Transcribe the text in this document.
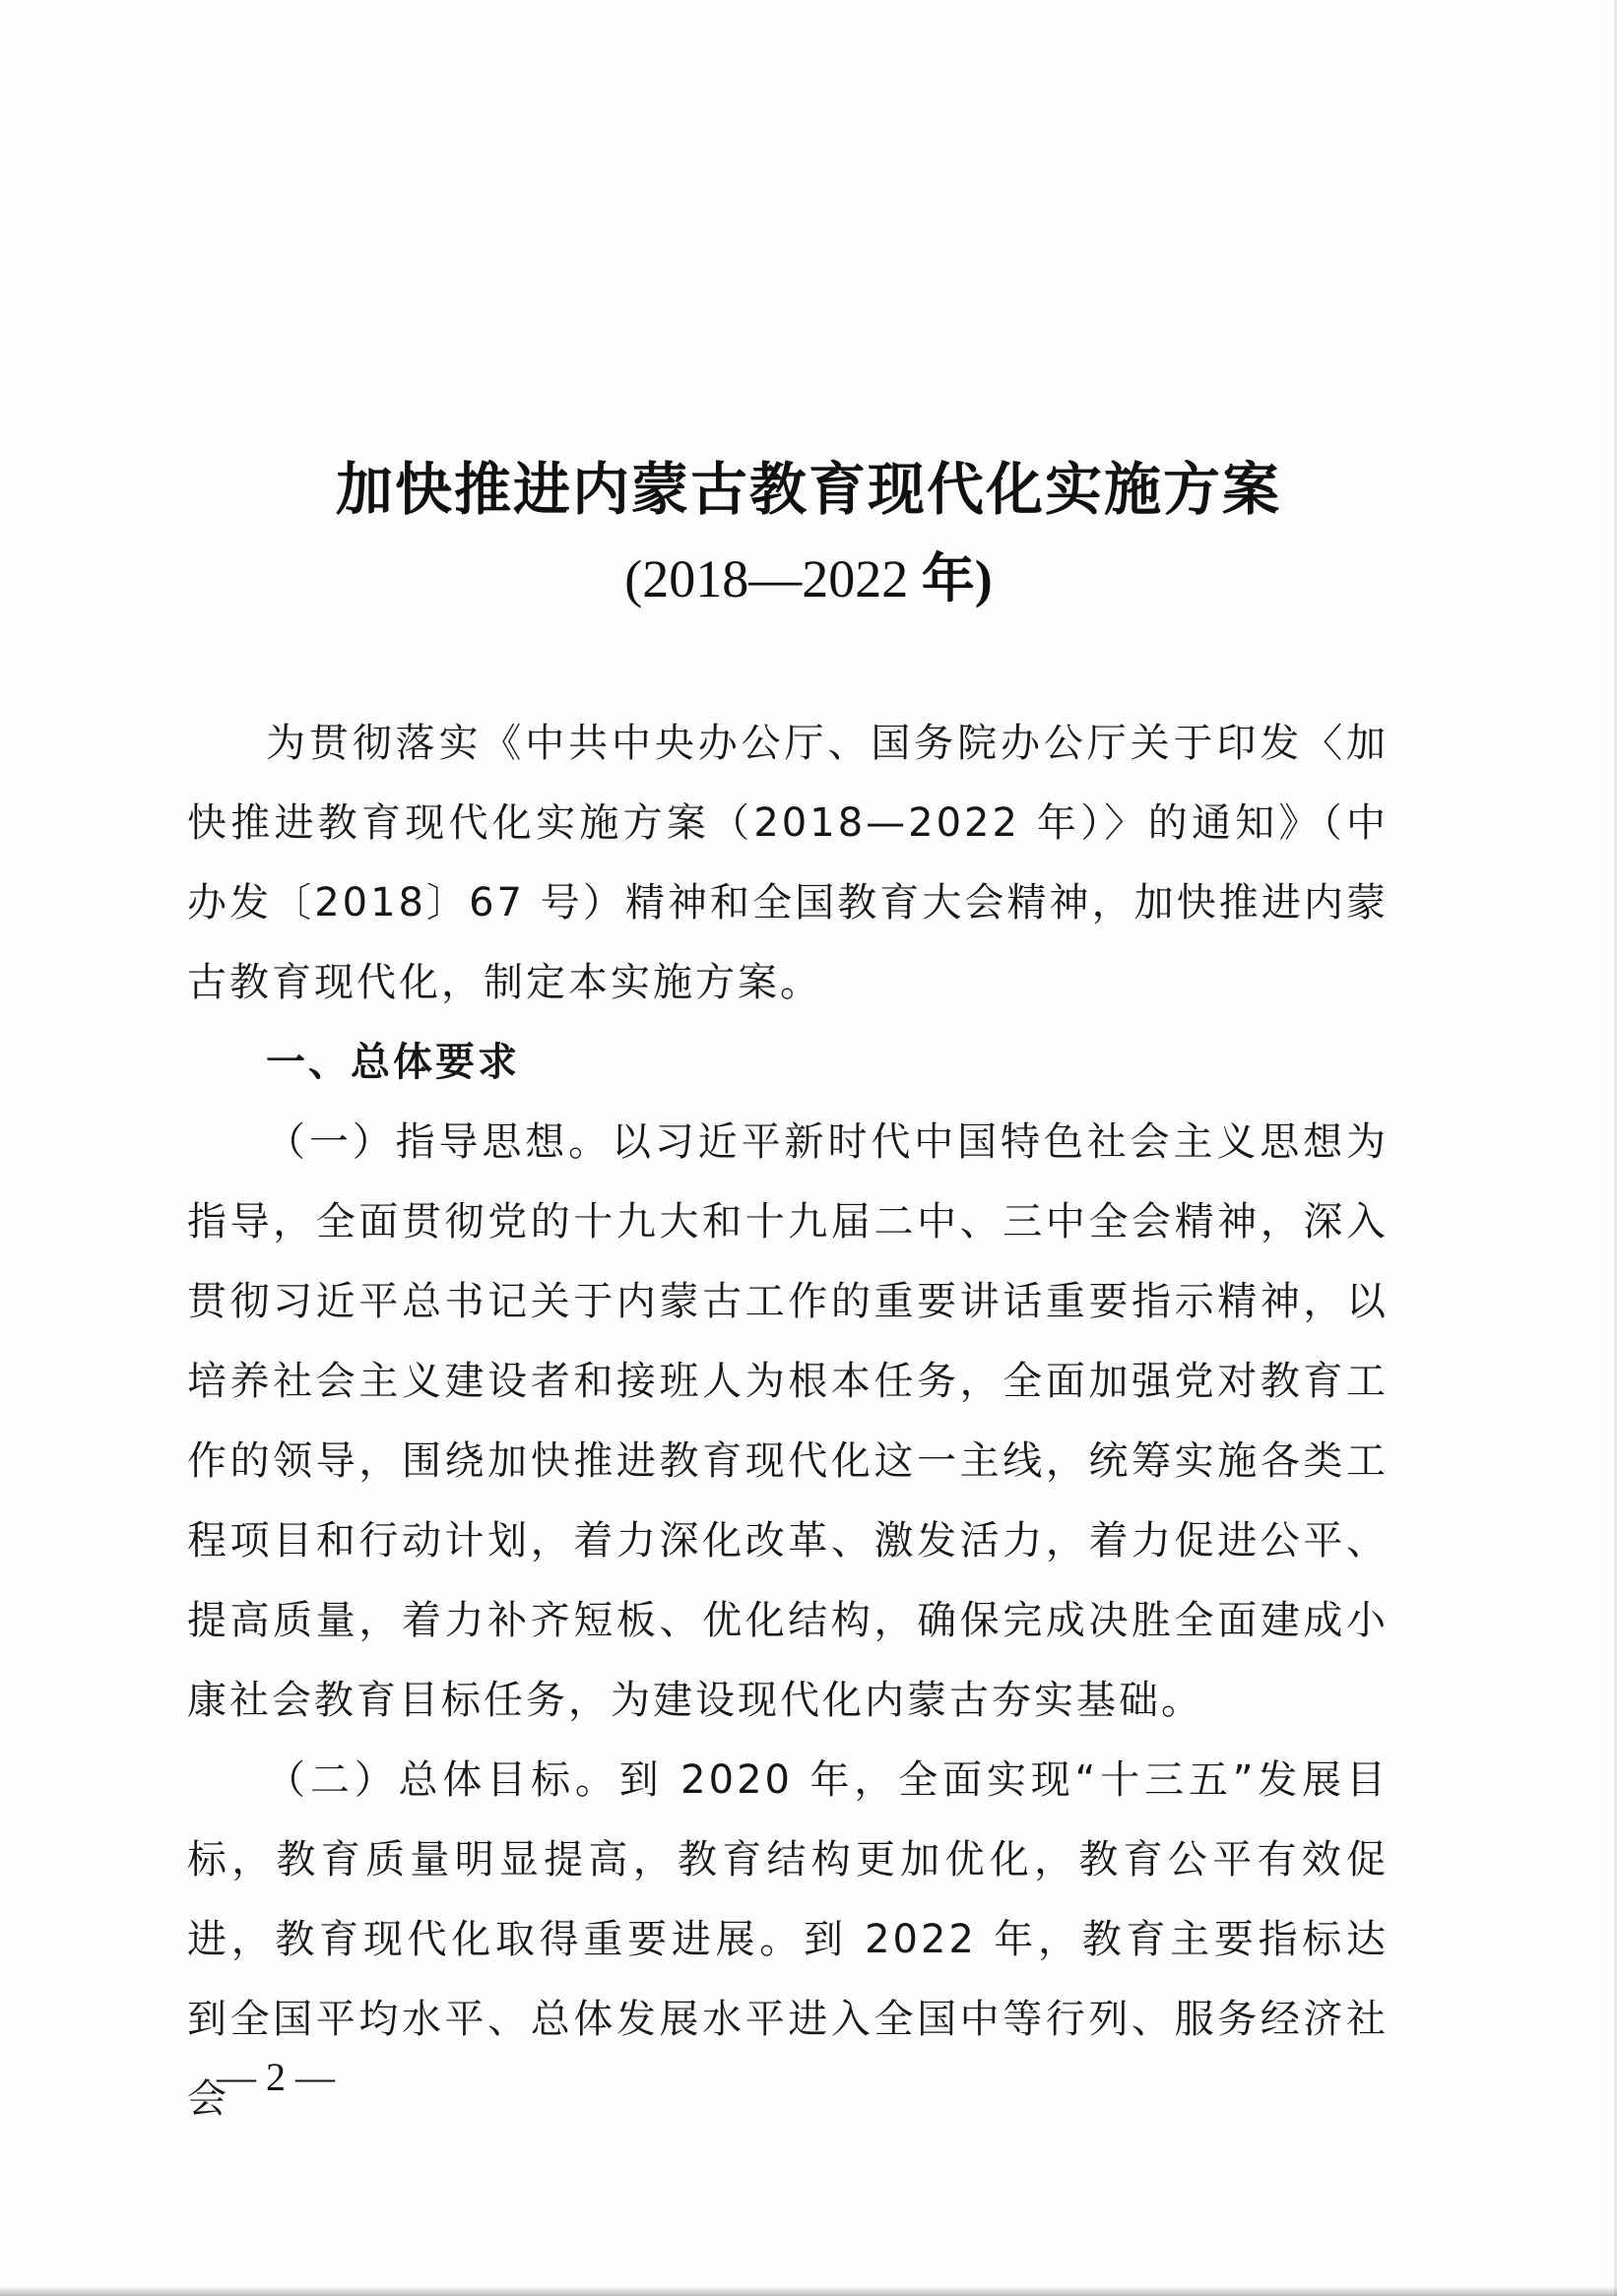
加快推进内蒙古教育现代化实施方案
(2018—2022 年)

为贯彻落实《中共中央办公厅、国务院办公厅关于印发〈加快推进教育现代化实施方案（2018—2022 年）〉的通知》（中办发〔2018〕67 号）精神和全国教育大会精神，加快推进内蒙古教育现代化，制定本实施方案。

一、总体要求

（一）指导思想。以习近平新时代中国特色社会主义思想为指导，全面贯彻党的十九大和十九届二中、三中全会精神，深入贯彻习近平总书记关于内蒙古工作的重要讲话重要指示精神，以培养社会主义建设者和接班人为根本任务，全面加强党对教育工作的领导，围绕加快推进教育现代化这一主线，统筹实施各类工程项目和行动计划，着力深化改革、激发活力，着力促进公平、提高质量，着力补齐短板、优化结构，确保完成决胜全面建成小康社会教育目标任务，为建设现代化内蒙古夯实基础。

（二）总体目标。到 2020 年，全面实现“十三五”发展目标，教育质量明显提高，教育结构更加优化，教育公平有效促进，教育现代化取得重要进展。到 2022 年，教育主要指标达到全国平均水平、总体发展水平进入全国中等行列、服务经济社会

— 2 —
